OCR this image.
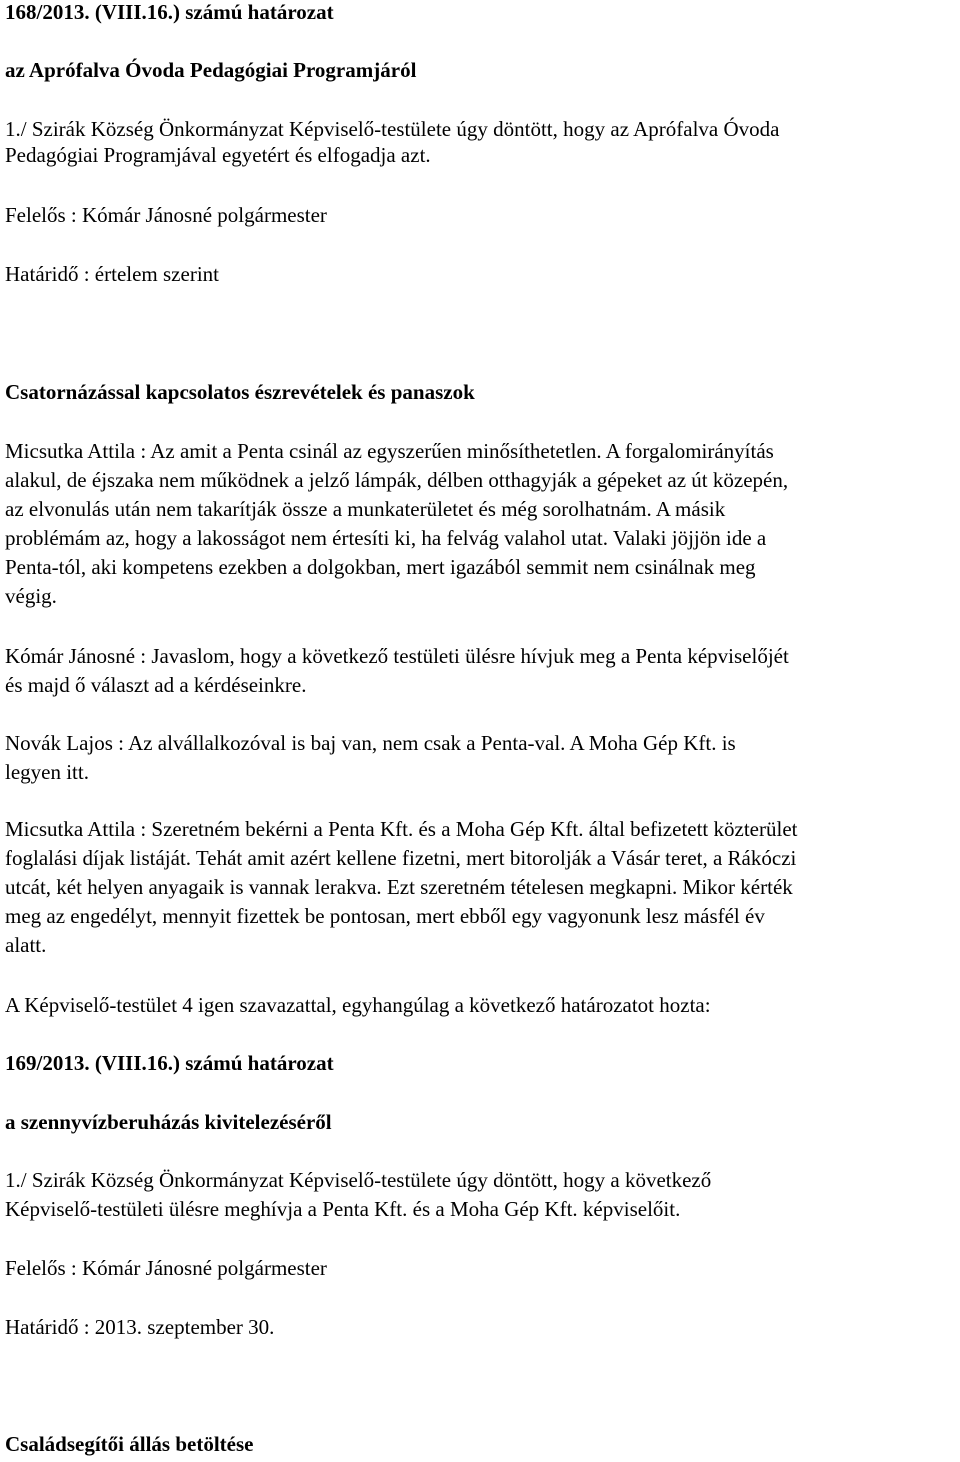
168/2013. (VIII.16.) számú határozat
az Aprófalva Óvoda Pedagógiai Programjáról
1./ Szirák Község Önkormányzat Képviselő-testülete úgy döntött, hogy az Aprófalva Óvoda
Pedagógiai Programjával egyetért és elfogadja azt.
Felelős : Kómár Jánosné polgármester
Határidő : értelem szerint
Csatornázással kapcsolatos észrevételek és panaszok
Micsutka Attila : Az amit a Penta csinál az egyszerűen minősíthetetlen. A forgalomirányítás
alakul, de éjszaka nem működnek a jelző lámpák, délben otthagyják a gépeket az út közepén,
az elvonulás után nem takarítják össze a munkaterületet és még sorolhatnám. A másik
problémám az, hogy a lakosságot nem értesíti ki, ha felvág valahol utat. Valaki jöjjön ide a
Penta-tól, aki kompetens ezekben a dolgokban, mert igazából semmit nem csinálnak meg
végig.
Kómár Jánosné : Javaslom, hogy a következő testületi ülésre hívjuk meg a Penta képviselőjét
és majd ő választ ad a kérdéseinkre.
Novák Lajos : Az alvállalkozóval is baj van, nem csak a Penta-val. A Moha Gép Kft. is
legyen itt.
Micsutka Attila : Szeretném bekérni a Penta Kft. és a Moha Gép Kft. által befizetett közterület
foglalási díjak listáját. Tehát amit azért kellene fizetni, mert bitorolják a Vásár teret, a Rákóczi
utcát, két helyen anyagaik is vannak lerakva. Ezt szeretném tételesen megkapni. Mikor kérték
meg az engedélyt, mennyit fizettek be pontosan, mert ebből egy vagyonunk lesz másfél év
alatt.
A Képviselő-testület 4 igen szavazattal, egyhangúlag a következő határozatot hozta:
169/2013. (VIII.16.) számú határozat
a szennyvízberuházás kivitelezéséről
1./ Szirák Község Önkormányzat Képviselő-testülete úgy döntött, hogy a következő
Képviselő-testületi ülésre meghívja a Penta Kft. és a Moha Gép Kft. képviselőit.
Felelős : Kómár Jánosné polgármester
Határidő : 2013. szeptember 30.
Családsegítői állás betöltése
